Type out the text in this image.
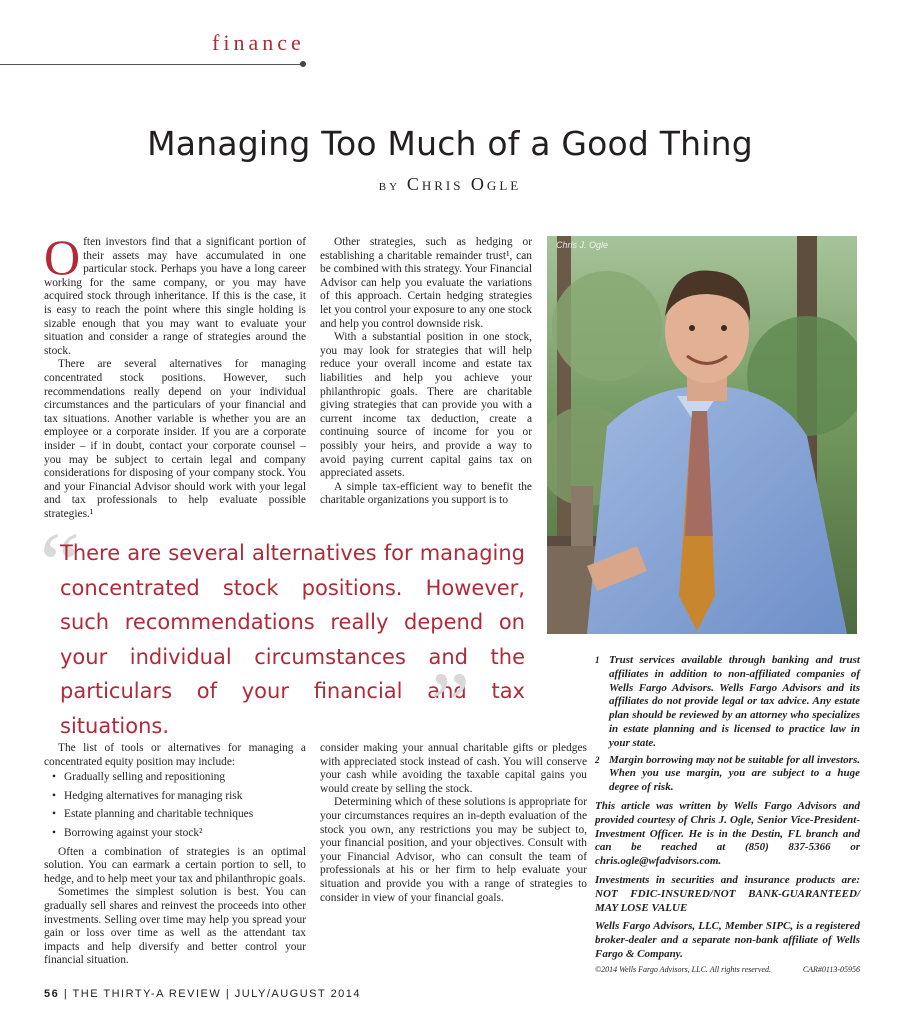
finance
Managing Too Much of a Good Thing
by Chris Ogle

Often investors find that a significant portion of their assets may have accumulated in one particular stock. Perhaps you have a long career working for the same company, or you may have acquired stock through inheritance. If this is the case, it is easy to reach the point where this single holding is sizable enough that you may want to evaluate your situation and consider a range of strategies around the stock.

There are several alternatives for managing concentrated stock positions. However, such recommendations really depend on your individual circumstances and the particulars of your financial and tax situations. Another variable is whether you are an employee or a corporate insider. If you are a corporate insider – if in doubt, contact your corporate counsel – you may be subject to certain legal and company considerations for disposing of your company stock. You and your Financial Advisor should work with your legal and tax professionals to help evaluate possible strategies.¹

Other strategies, such as hedging or establishing a charitable remainder trust¹, can be combined with this strategy. Your Financial Advisor can help you evaluate the variations of this approach. Certain hedging strategies let you control your exposure to any one stock and help you control downside risk.

With a substantial position in one stock, you may look for strategies that will help reduce your overall income and estate tax liabilities and help you achieve your philanthropic goals. There are charitable giving strategies that can provide you with a current income tax deduction, create a continuing source of income for you or possibly your heirs, and provide a way to avoid paying current capital gains tax on appreciated assets.

A simple tax-efficient way to benefit the charitable organizations you support is to

Chris J. Ogle
“
There are several alternatives for managing concentrated stock positions. However, such recommendations really depend on your individual circumstances and the particulars of your financial and tax situations.	”	1 Trust services available through banking and trust affiliates in addition to non-affiliated companies of Wells Fargo Advisors. Wells Fargo Advisors and its affiliates do not provide legal or tax advice. Any estate plan should be reviewed by an attorney who specializes in estate planning and is licensed to practice law in your state.
2 Margin borrowing may not be suitable for all investors. When you use margin, you are subject to a huge degree of risk.
This article was written by Wells Fargo Advisors and provided courtesy of Chris J. Ogle, Senior Vice-President-Investment Officer. He is in the Destin, FL branch and can be reached at (850) 837-5366 or chris.ogle@wfadvisors.com.
Investments in securities and insurance products are: NOT FDIC-INSURED/NOT BANK-GUARANTEED/ MAY LOSE VALUE
Wells Fargo Advisors, LLC, Member SIPC, is a registered broker-dealer and a separate non-bank affiliate of Wells Fargo & Company.
©2014 Wells Fargo Advisors, LLC. All rights reserved.	CAR#0113-05956

The list of tools or alternatives for managing a concentrated equity position may include:

• Gradually selling and repositioning
• Hedging alternatives for managing risk
• Estate planning and charitable techniques
• Borrowing against your stock²

Often a combination of strategies is an optimal solution. You can earmark a certain portion to sell, to hedge, and to help meet your tax and philanthropic goals.

Sometimes the simplest solution is best. You can gradually sell shares and reinvest the proceeds into other investments. Selling over time may help you spread your gain or loss over time as well as the attendant tax impacts and help diversify and better control your financial situation.

consider making your annual charitable gifts or pledges with appreciated stock instead of cash. You will conserve your cash while avoiding the taxable capital gains you would create by selling the stock.

Determining which of these solutions is appropriate for your circumstances requires an in-depth evaluation of the stock you own, any restrictions you may be subject to, your financial position, and your objectives. Consult with your Financial Advisor, who can consult the team of professionals at his or her firm to help evaluate your situation and provide you with a range of strategies to consider in view of your financial goals.

56 | THE THIRTY-A REVIEW | JULY/AUGUST 2014
